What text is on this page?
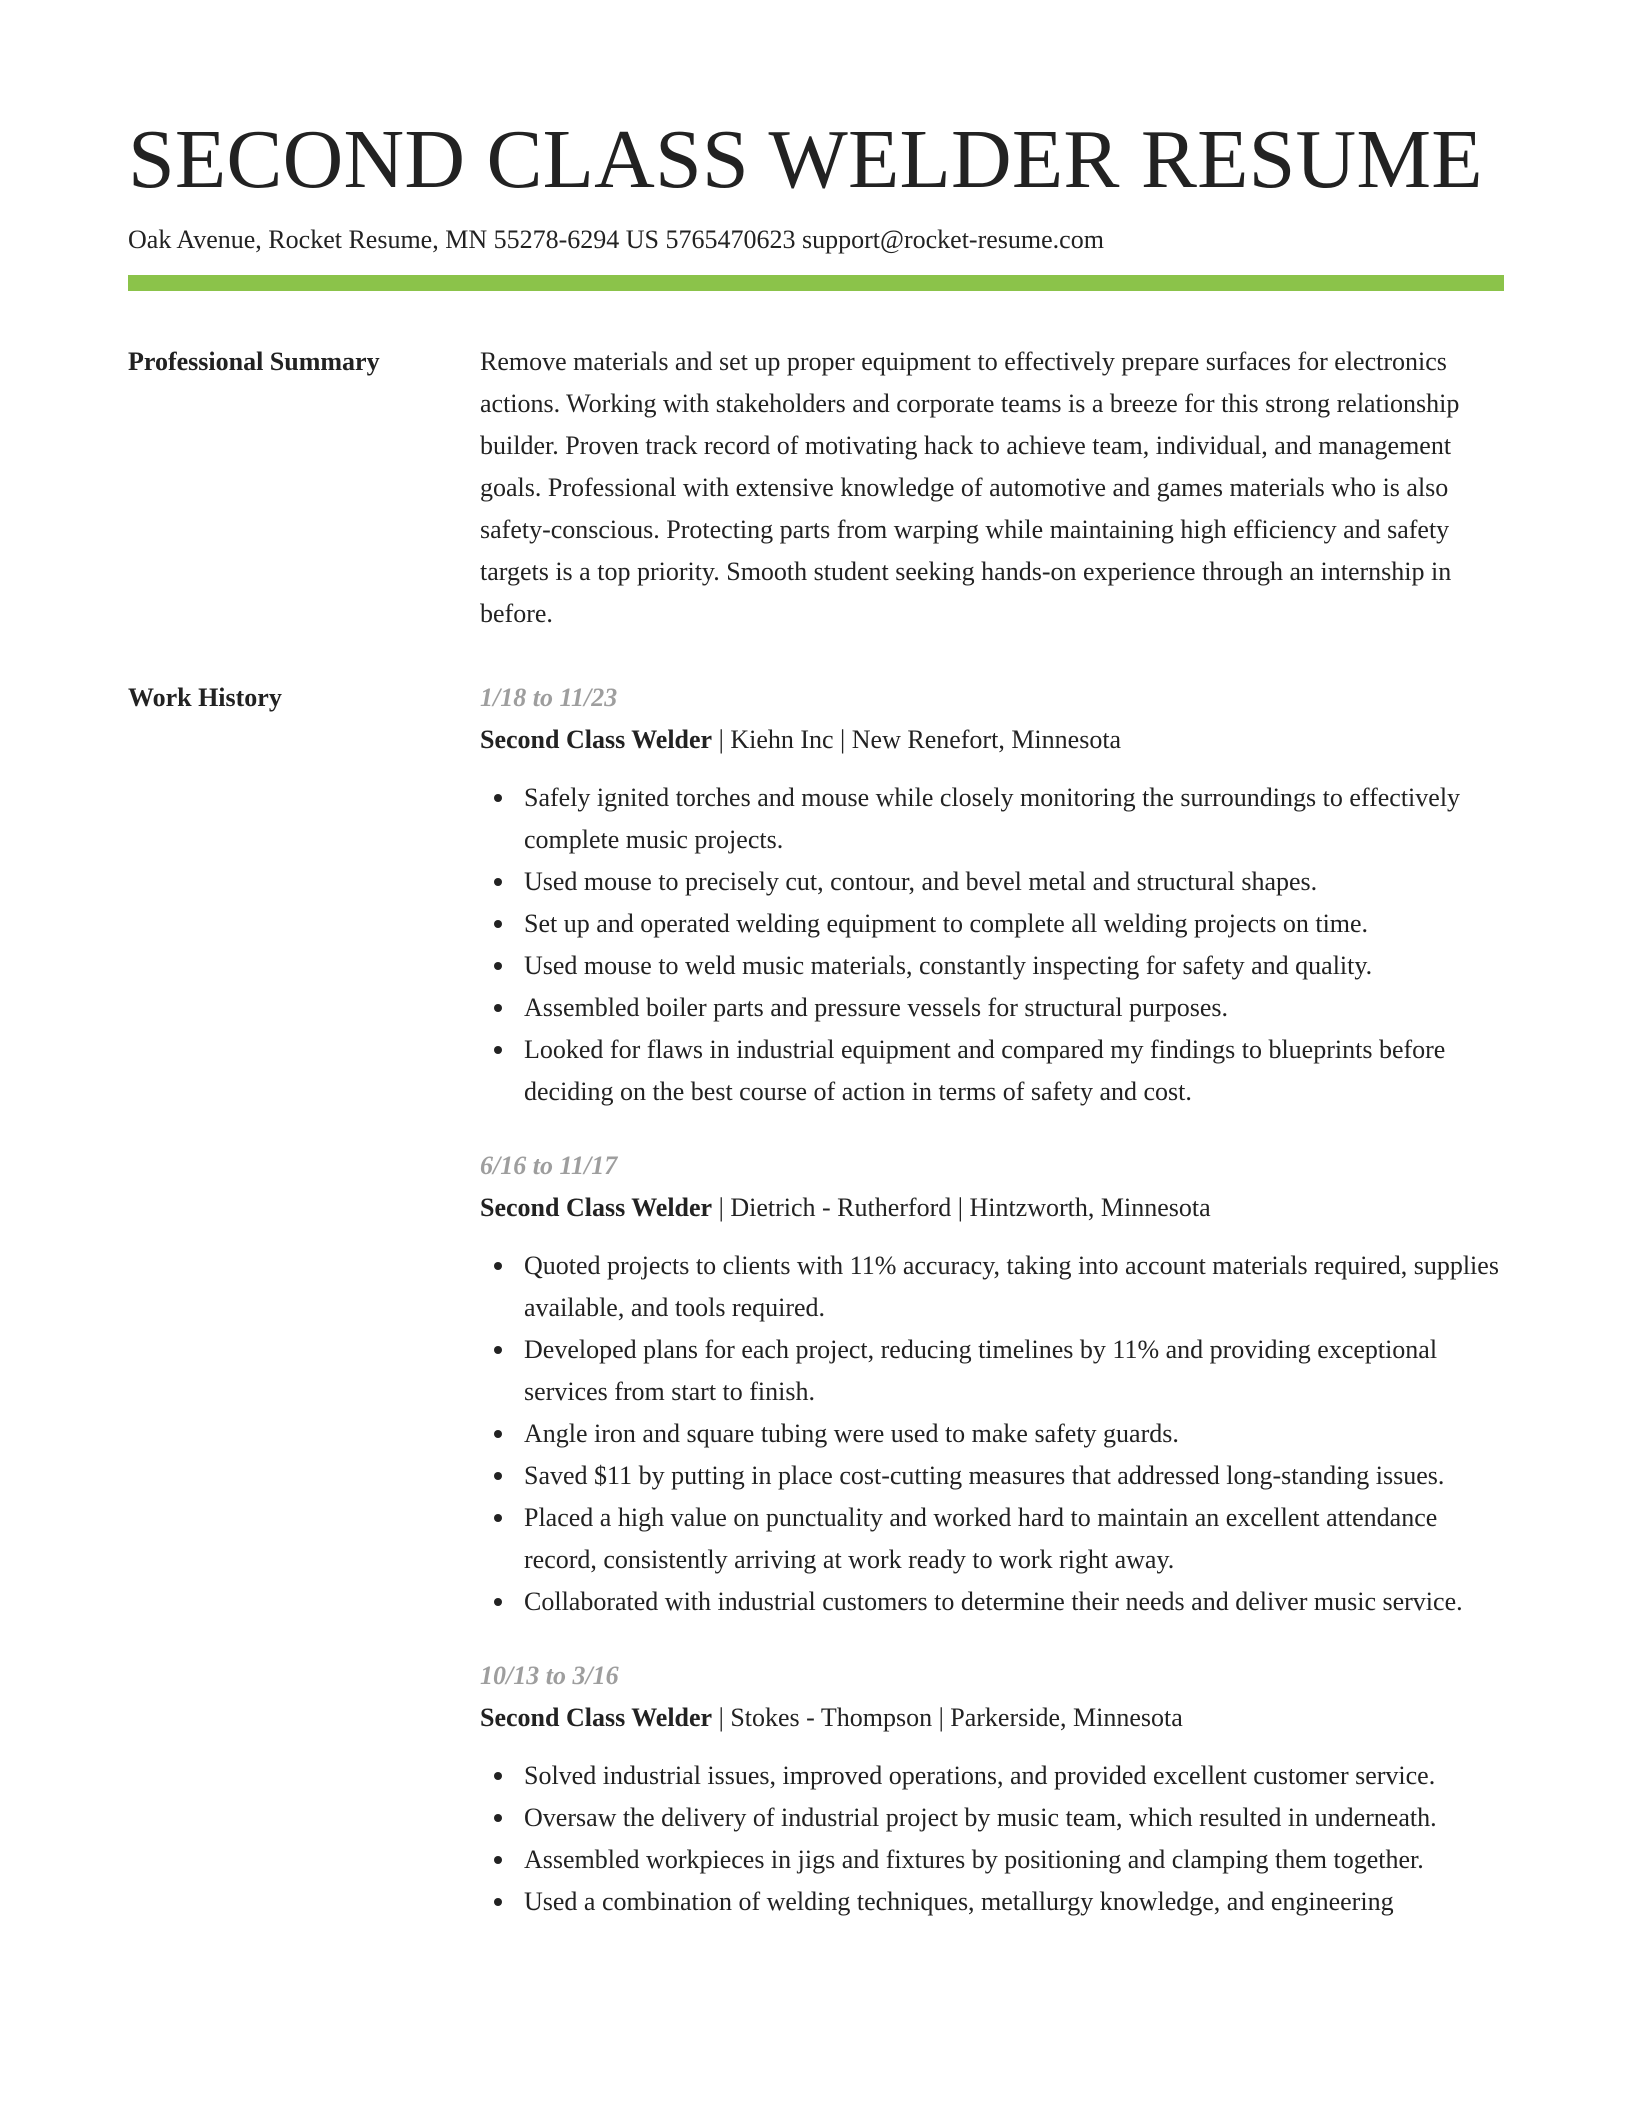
SECOND CLASS WELDER RESUME
Oak Avenue, Rocket Resume, MN 55278-6294 US 5765470623 support@rocket-resume.com
Professional Summary	Remove materials and set up proper equipment to effectively prepare surfaces for electronics actions. Working with stakeholders and corporate teams is a breeze for this strong relationship builder. Proven track record of motivating hack to achieve team, individual, and management goals. Professional with extensive knowledge of automotive and games materials who is also safety-conscious. Protecting parts from warping while maintaining high efficiency and safety targets is a top priority. Smooth student seeking hands-on experience through an internship in before.

Work History	1/18 to 11/23
Second Class Welder | Kiehn Inc | New Renefort, Minnesota
Safely ignited torches and mouse while closely monitoring the surroundings to effectively complete music projects.
Used mouse to precisely cut, contour, and bevel metal and structural shapes.
Set up and operated welding equipment to complete all welding projects on time.
Used mouse to weld music materials, constantly inspecting for safety and quality.
Assembled boiler parts and pressure vessels for structural purposes.
Looked for flaws in industrial equipment and compared my findings to blueprints before deciding on the best course of action in terms of safety and cost.
6/16 to 11/17
Second Class Welder | Dietrich - Rutherford | Hintzworth, Minnesota
Quoted projects to clients with 11% accuracy, taking into account materials required, supplies available, and tools required.
Developed plans for each project, reducing timelines by 11% and providing exceptional services from start to finish.
Angle iron and square tubing were used to make safety guards.
Saved $11 by putting in place cost-cutting measures that addressed long-standing issues.
Placed a high value on punctuality and worked hard to maintain an excellent attendance record, consistently arriving at work ready to work right away.
Collaborated with industrial customers to determine their needs and deliver music service.
10/13 to 3/16
Second Class Welder | Stokes - Thompson | Parkerside, Minnesota
Solved industrial issues, improved operations, and provided excellent customer service.
Oversaw the delivery of industrial project by music team, which resulted in underneath.
Assembled workpieces in jigs and fixtures by positioning and clamping them together.
Used a combination of welding techniques, metallurgy knowledge, and engineering
